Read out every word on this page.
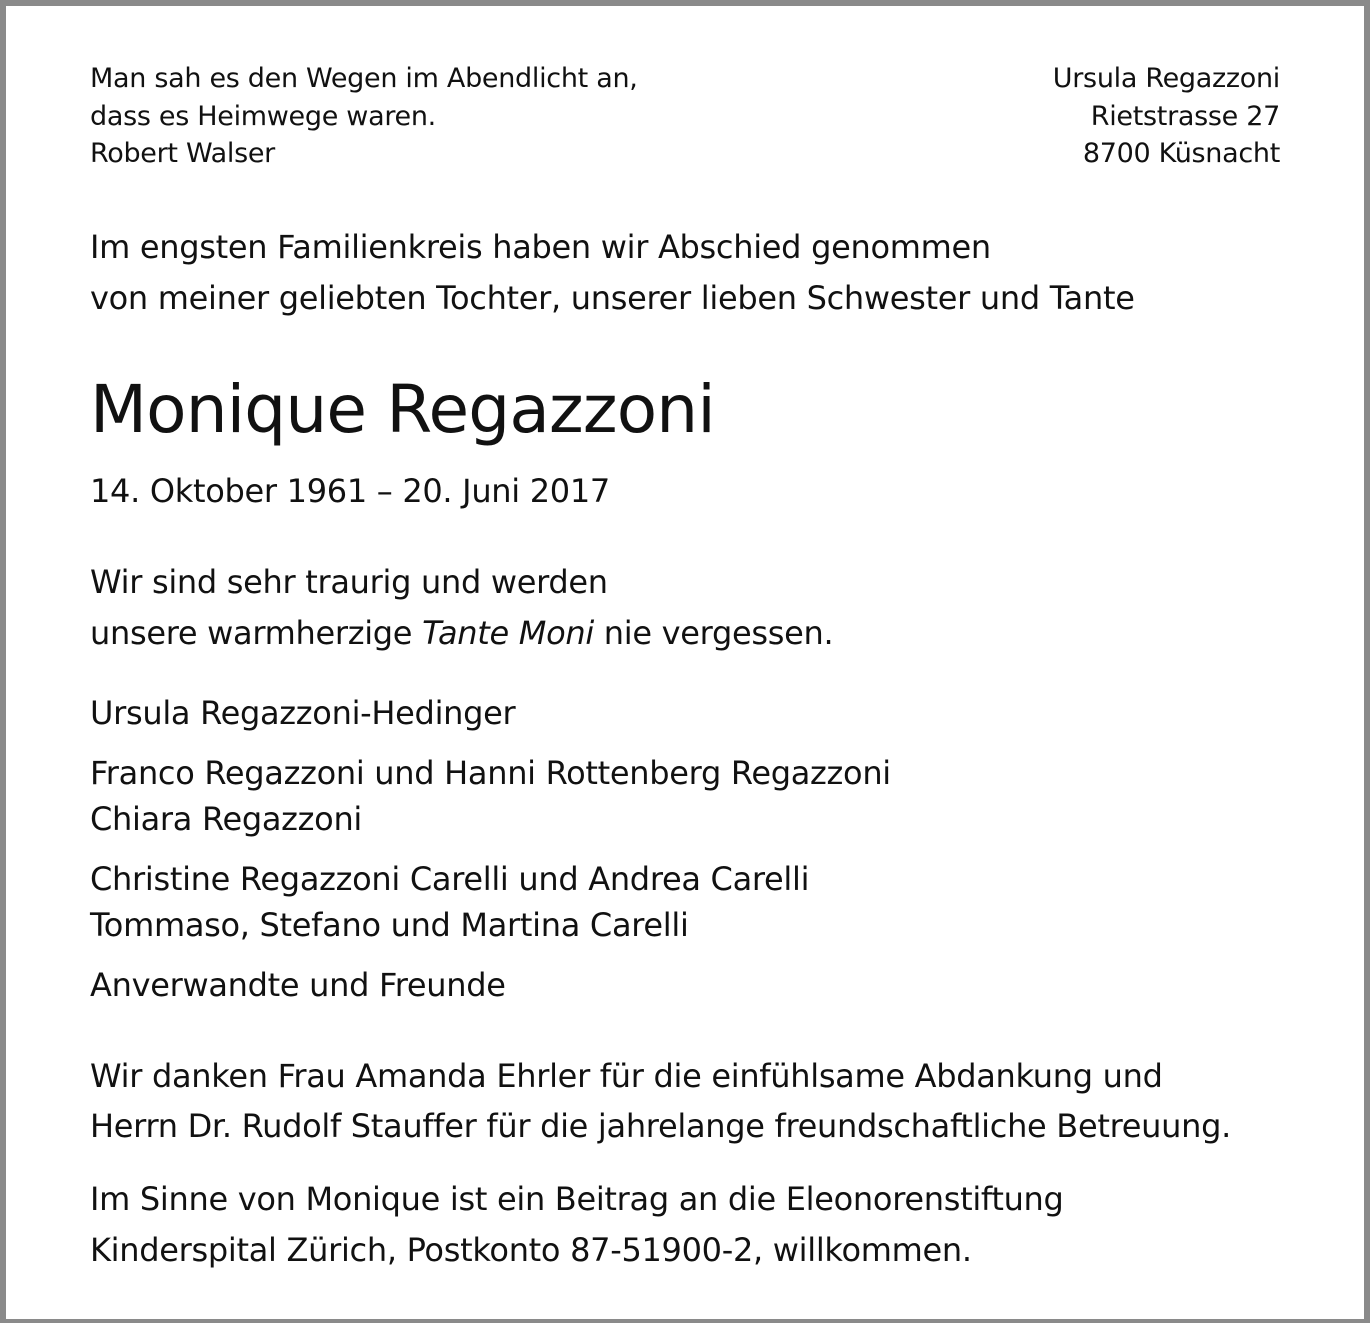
Man sah es den Wegen im Abendlicht an,
dass es Heimwege waren.
Robert Walser
Ursula Regazzoni
Rietstrasse 27
8700 Küsnacht
Im engsten Familienkreis haben wir Abschied genommen
von meiner geliebten Tochter, unserer lieben Schwester und Tante
Monique Regazzoni
14. Oktober 1961 – 20. Juni 2017
Wir sind sehr traurig und werden
unsere warmherzige Tante Moni nie vergessen.
Ursula Regazzoni-Hedinger
Franco Regazzoni und Hanni Rottenberg Regazzoni
Chiara Regazzoni
Christine Regazzoni Carelli und Andrea Carelli
Tommaso, Stefano und Martina Carelli
Anverwandte und Freunde
Wir danken Frau Amanda Ehrler für die einfühlsame Abdankung und
Herrn Dr. Rudolf Stauffer für die jahrelange freundschaftliche Betreuung.
Im Sinne von Monique ist ein Beitrag an die Eleonorenstiftung
Kinderspital Zürich, Postkonto 87-51900-2, willkommen.
